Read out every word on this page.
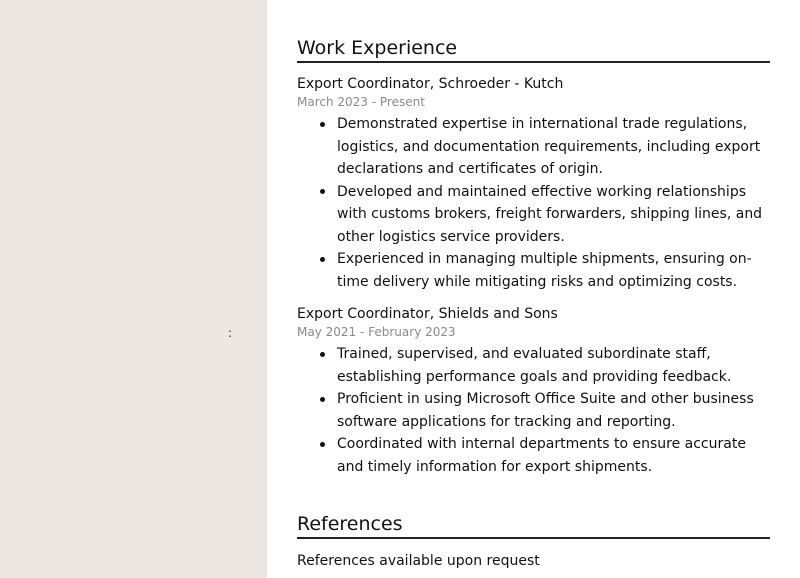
:
Work Experience
Export Coordinator, Schroeder - Kutch
March 2023 - Present
Demonstrated expertise in international trade regulations, logistics, and documentation requirements, including export declarations and certificates of origin.
Developed and maintained effective working relationships with customs brokers, freight forwarders, shipping lines, and other logistics service providers.
Experienced in managing multiple shipments, ensuring on-time delivery while mitigating risks and optimizing costs.
Export Coordinator, Shields and Sons
May 2021 - February 2023
Trained, supervised, and evaluated subordinate staff, establishing performance goals and providing feedback.
Proficient in using Microsoft Office Suite and other business software applications for tracking and reporting.
Coordinated with internal departments to ensure accurate and timely information for export shipments.
References
References available upon request
